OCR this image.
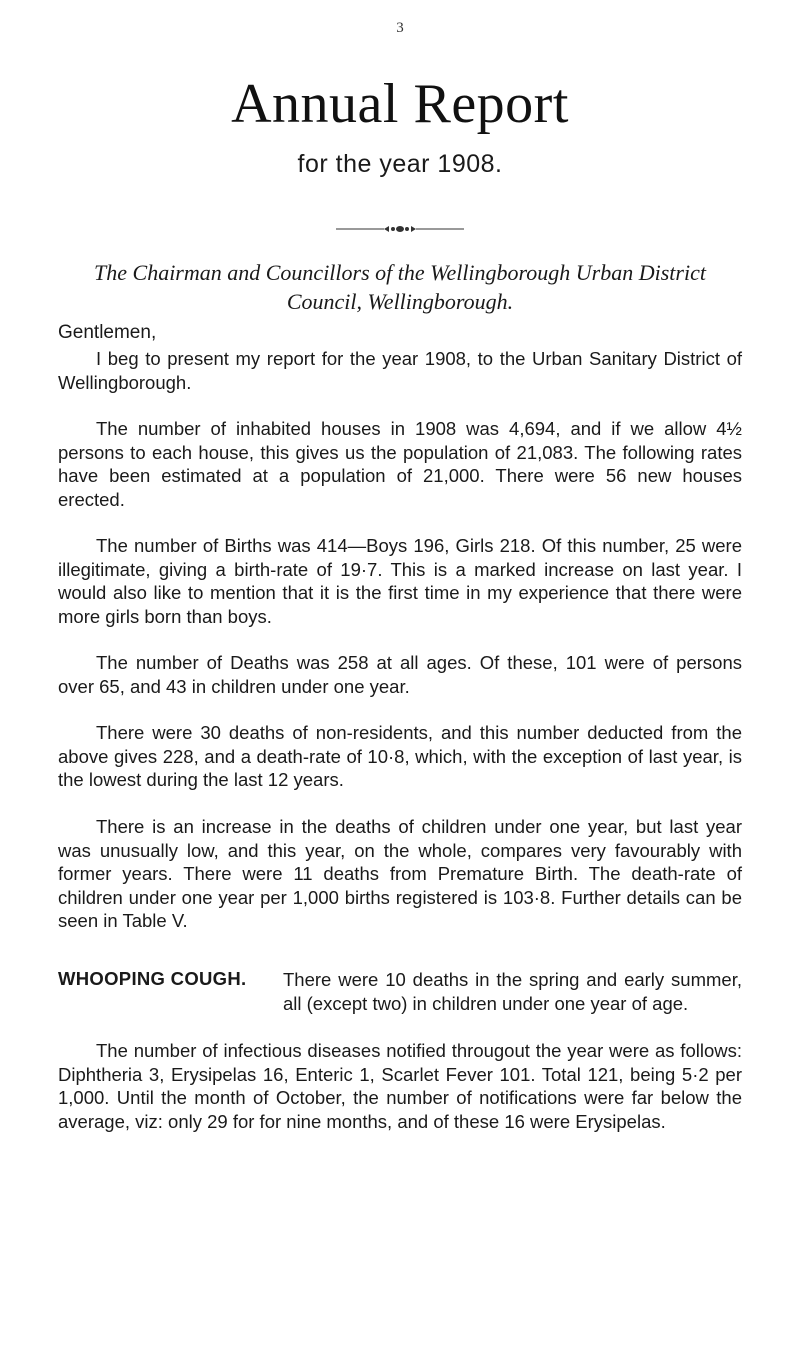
3
Annual Report
for the year 1908.
The Chairman and Councillors of the Wellingborough Urban District
Council, Wellingborough.
Gentlemen,

I beg to present my report for the year 1908, to the Urban Sanitary District of Wellingborough.

The number of inhabited houses in 1908 was 4,694, and if we allow 4½ persons to each house, this gives us the population of 21,083. The following rates have been estimated at a population of 21,000. There were 56 new houses erected.

The number of Births was 414—Boys 196, Girls 218. Of this number, 25 were illegitimate, giving a birth-rate of 19·7. This is a marked increase on last year. I would also like to mention that it is the first time in my experience that there were more girls born than boys.

The number of Deaths was 258 at all ages. Of these, 101 were of persons over 65, and 43 in children under one year.

There were 30 deaths of non-residents, and this number deducted from the above gives 228, and a death-rate of 10·8, which, with the exception of last year, is the lowest during the last 12 years.

There is an increase in the deaths of children under one year, but last year was unusually low, and this year, on the whole, compares very favourably with former years. There were 11 deaths from Premature Birth. The death-rate of children under one year per 1,000 births registered is 103·8. Further details can be seen in Table V.

WHOOPING COUGH. There were 10 deaths in the spring and early summer, all (except two) in children under one year of age.

The number of infectious diseases notified througout the year were as follows: Diphtheria 3, Erysipelas 16, Enteric 1, Scarlet Fever 101. Total 121, being 5·2 per 1,000. Until the month of October, the number of notifications were far below the average, viz: only 29 for for nine months, and of these 16 were Erysipelas.
